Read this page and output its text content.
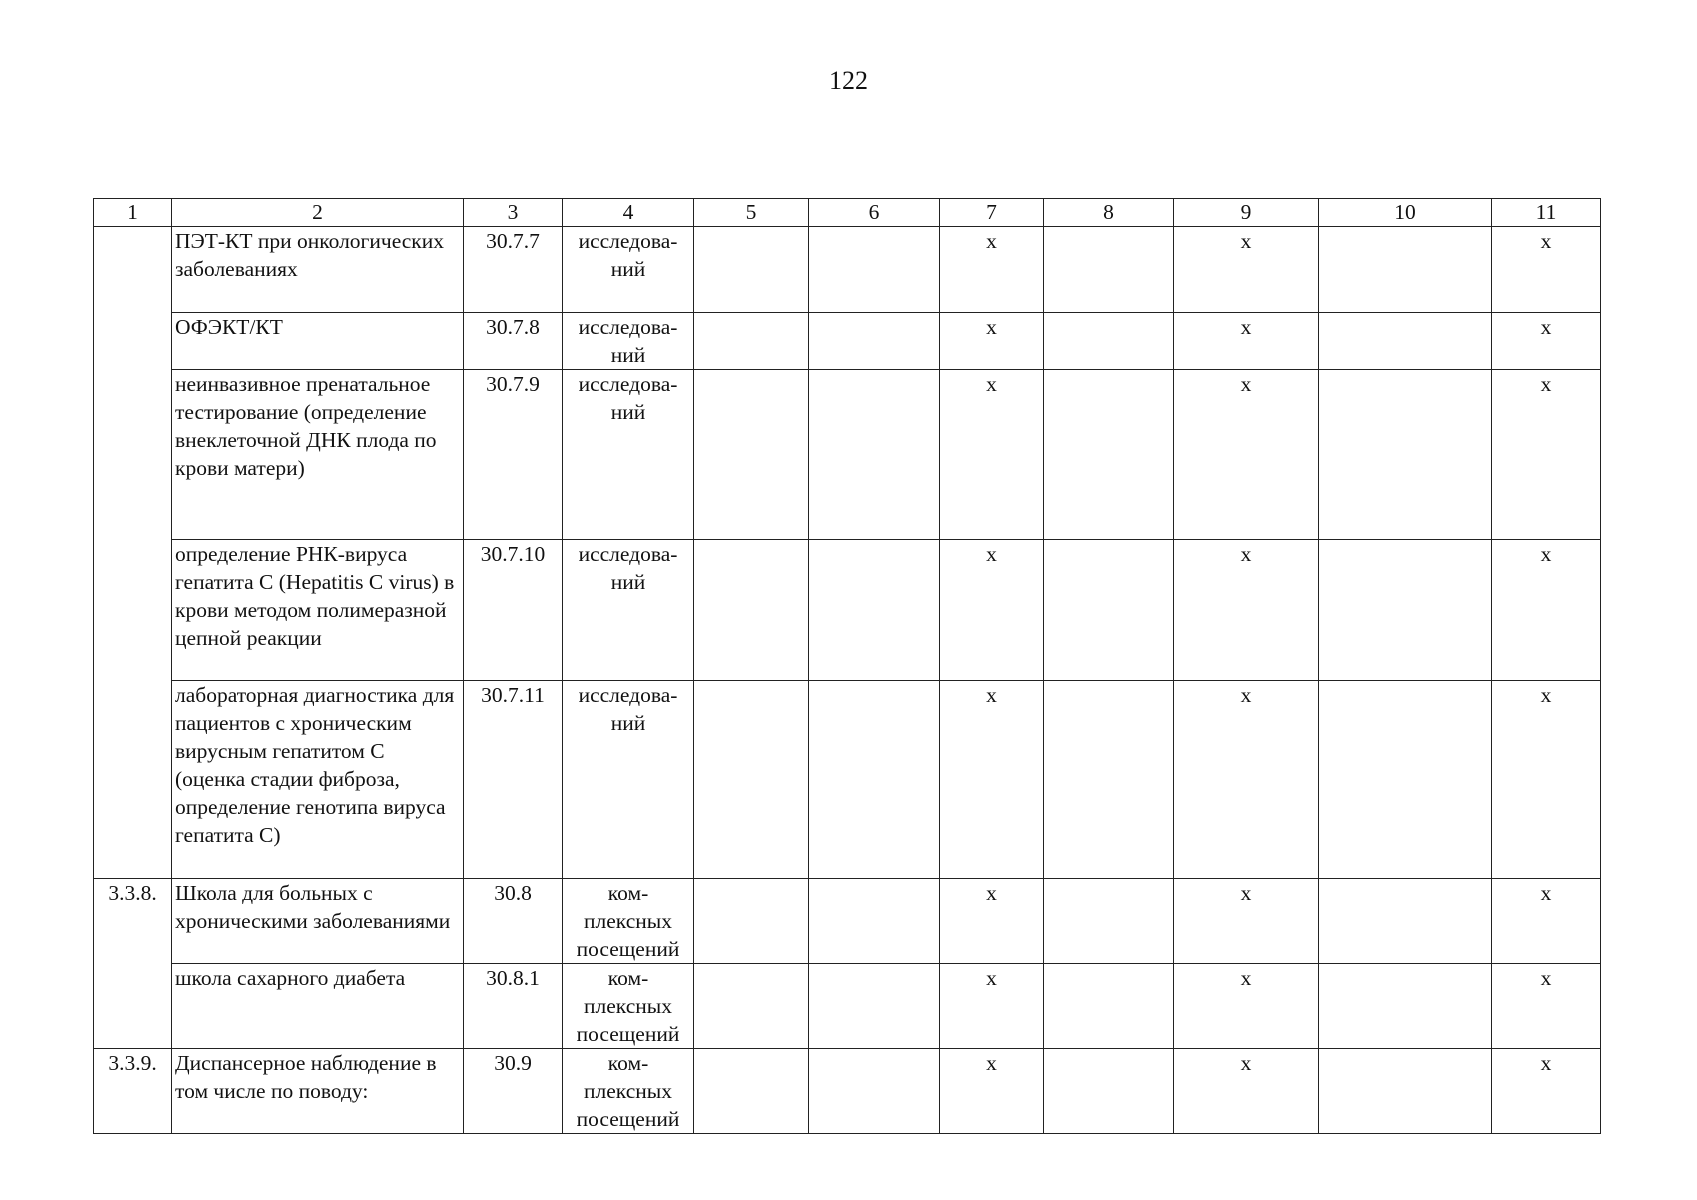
122
1	2	3	4	5	6	7	8	9	10	11
	ПЭТ-КТ при онкологических заболеваниях	30.7.7	исследова-ний			х		х		х
	ОФЭКТ/КТ	30.7.8	исследова-ний			х		х		х
	неинвазивное пренатальное тестирование (определение внеклеточной ДНК плода по крови матери)	30.7.9	исследова-ний			х		х		х
	определение РНК-вируса гепатита С (Hepatitis С virus) в крови методом полимеразной цепной реакции	30.7.10	исследова-ний			х		х		х
	лабораторная диагностика для пациентов с хроническим вирусным гепатитом С (оценка стадии фиброза, определение генотипа вируса гепатита С)	30.7.11	исследова-ний			х		х		х
3.3.8.	Школа для больных с хроническими заболеваниями	30.8	ком-плексных посещений			х		х		х
	школа сахарного диабета	30.8.1	ком-плексных посещений			х		х		х
3.3.9.	Диспансерное наблюдение в том числе по поводу:	30.9	ком-плексных посещений			х		х		х
